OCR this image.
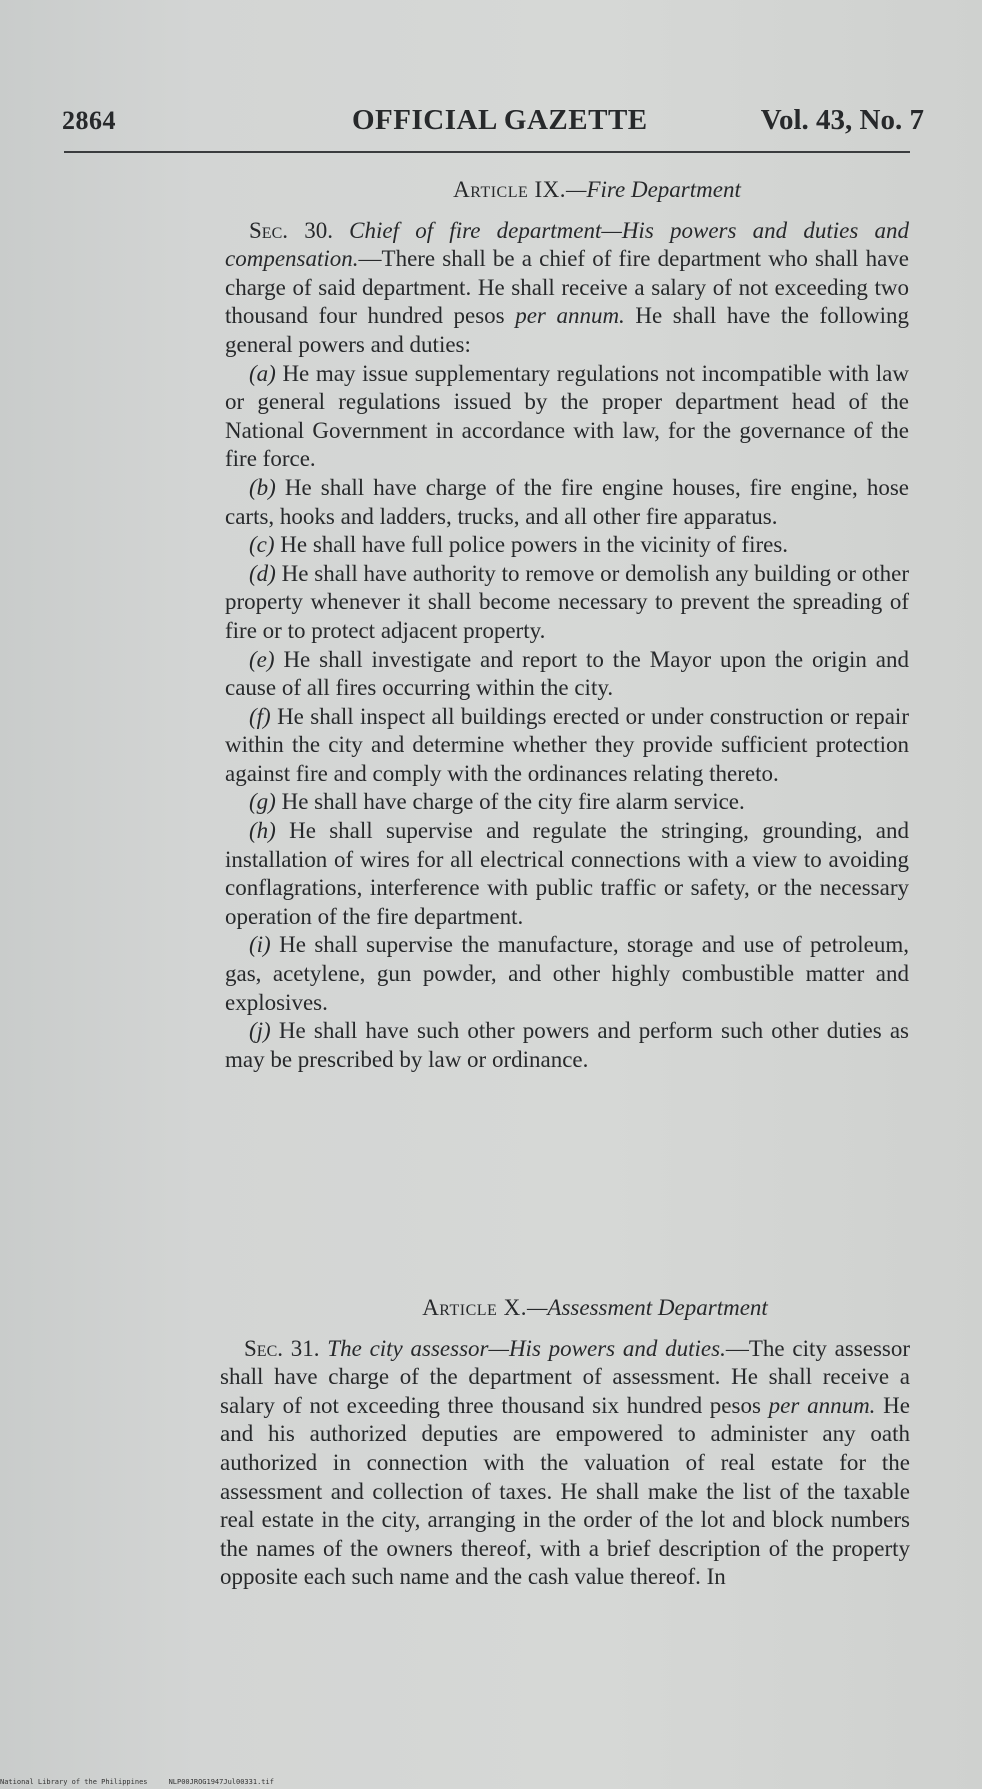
2864	OFFICIAL GAZETTE	Vol. 43, No. 7
Article IX.—Fire Department

Sec. 30. Chief of fire department—His powers and duties and compensation.—There shall be a chief of fire department who shall have charge of said department. He shall receive a salary of not exceeding two thousand four hundred pesos per annum. He shall have the following general powers and duties:

(a) He may issue supplementary regulations not incompatible with law or general regulations issued by the proper department head of the National Government in accordance with law, for the governance of the fire force.

(b) He shall have charge of the fire engine houses, fire engine, hose carts, hooks and ladders, trucks, and all other fire apparatus.

(c) He shall have full police powers in the vicinity of fires.

(d) He shall have authority to remove or demolish any building or other property whenever it shall become necessary to prevent the spreading of fire or to protect adjacent property.

(e) He shall investigate and report to the Mayor upon the origin and cause of all fires occurring within the city.

(f) He shall inspect all buildings erected or under construction or repair within the city and determine whether they provide sufficient protection against fire and comply with the ordinances relating thereto.

(g) He shall have charge of the city fire alarm service.

(h) He shall supervise and regulate the stringing, grounding, and installation of wires for all electrical connections with a view to avoiding conflagrations, interference with public traffic or safety, or the necessary operation of the fire department.

(i) He shall supervise the manufacture, storage and use of petroleum, gas, acetylene, gun powder, and other highly combustible matter and explosives.

(j) He shall have such other powers and perform such other duties as may be prescribed by law or ordinance.

Article X.—Assessment Department

Sec. 31. The city assessor—His powers and duties.—The city assessor shall have charge of the department of assessment. He shall receive a salary of not exceeding three thousand six hundred pesos per annum. He and his authorized deputies are empowered to administer any oath authorized in connection with the valuation of real estate for the assessment and collection of taxes. He shall make the list of the taxable real estate in the city, arranging in the order of the lot and block numbers the names of the owners thereof, with a brief description of the property opposite each such name and the cash value thereof. In

National Library of the Philippines     NLP00JROG1947Jul00331.tif
